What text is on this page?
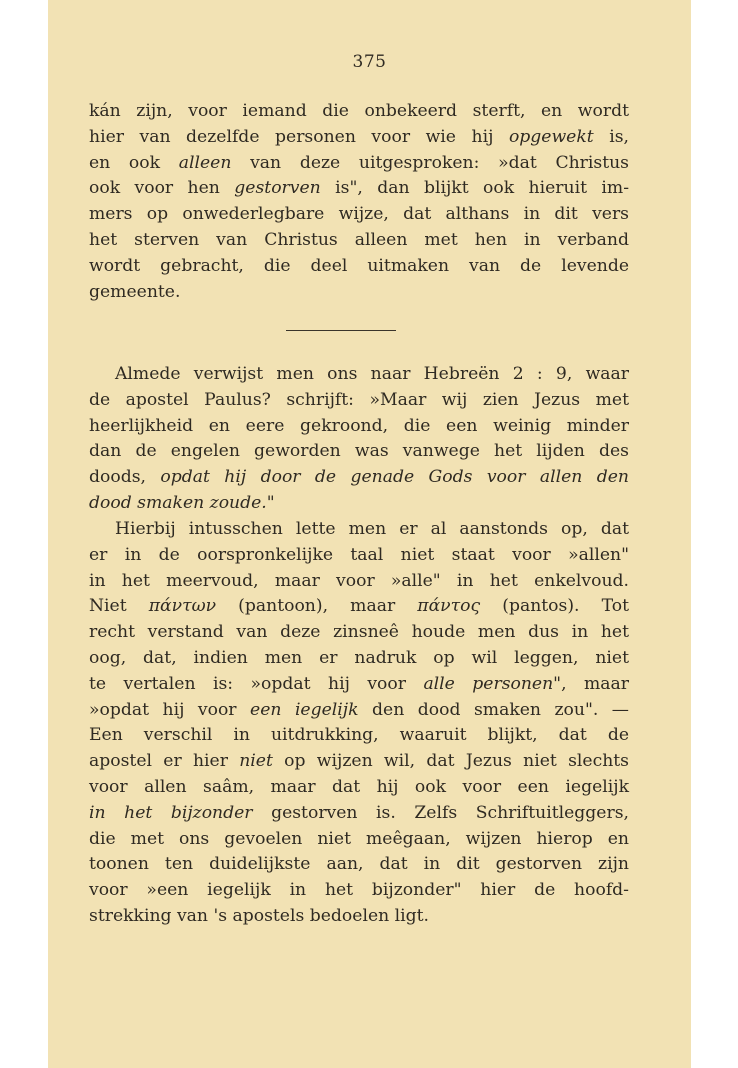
375
kán zijn, voor iemand die onbekeerd sterft, en wordt
hier van dezelfde personen voor wie hij opgewekt is,
en ook alleen van deze uitgesproken: »dat Christus
ook voor hen gestorven is", dan blijkt ook hieruit im-
mers op onwederlegbare wijze, dat althans in dit vers
het sterven van Christus alleen met hen in verband
wordt gebracht, die deel uitmaken van de levende
gemeente.
Almede verwijst men ons naar Hebreën 2 : 9, waar
de apostel Paulus? schrijft: »Maar wij zien Jezus met
heerlijkheid en eere gekroond, die een weinig minder
dan de engelen geworden was vanwege het lijden des
doods, opdat hij door de genade Gods voor allen den
dood smaken zoude."
Hierbij intusschen lette men er al aanstonds op, dat
er in de oorspronkelijke taal niet staat voor »allen"
in het meervoud, maar voor »alle" in het enkelvoud.
Niet πάντων (pantoon), maar πάντος (pantos). Tot
recht verstand van deze zinsneê houde men dus in het
oog, dat, indien men er nadruk op wil leggen, niet
te vertalen is: »opdat hij voor alle personen", maar
»opdat hij voor een iegelijk den dood smaken zou". —
Een verschil in uitdrukking, waaruit blijkt, dat de
apostel er hier niet op wijzen wil, dat Jezus niet slechts
voor allen saâm, maar dat hij ook voor een iegelijk
in het bijzonder gestorven is. Zelfs Schriftuitleggers,
die met ons gevoelen niet meêgaan, wijzen hierop en
toonen ten duidelijkste aan, dat in dit gestorven zijn
voor »een iegelijk in het bijzonder" hier de hoofd-
strekking van 's apostels bedoelen ligt.
